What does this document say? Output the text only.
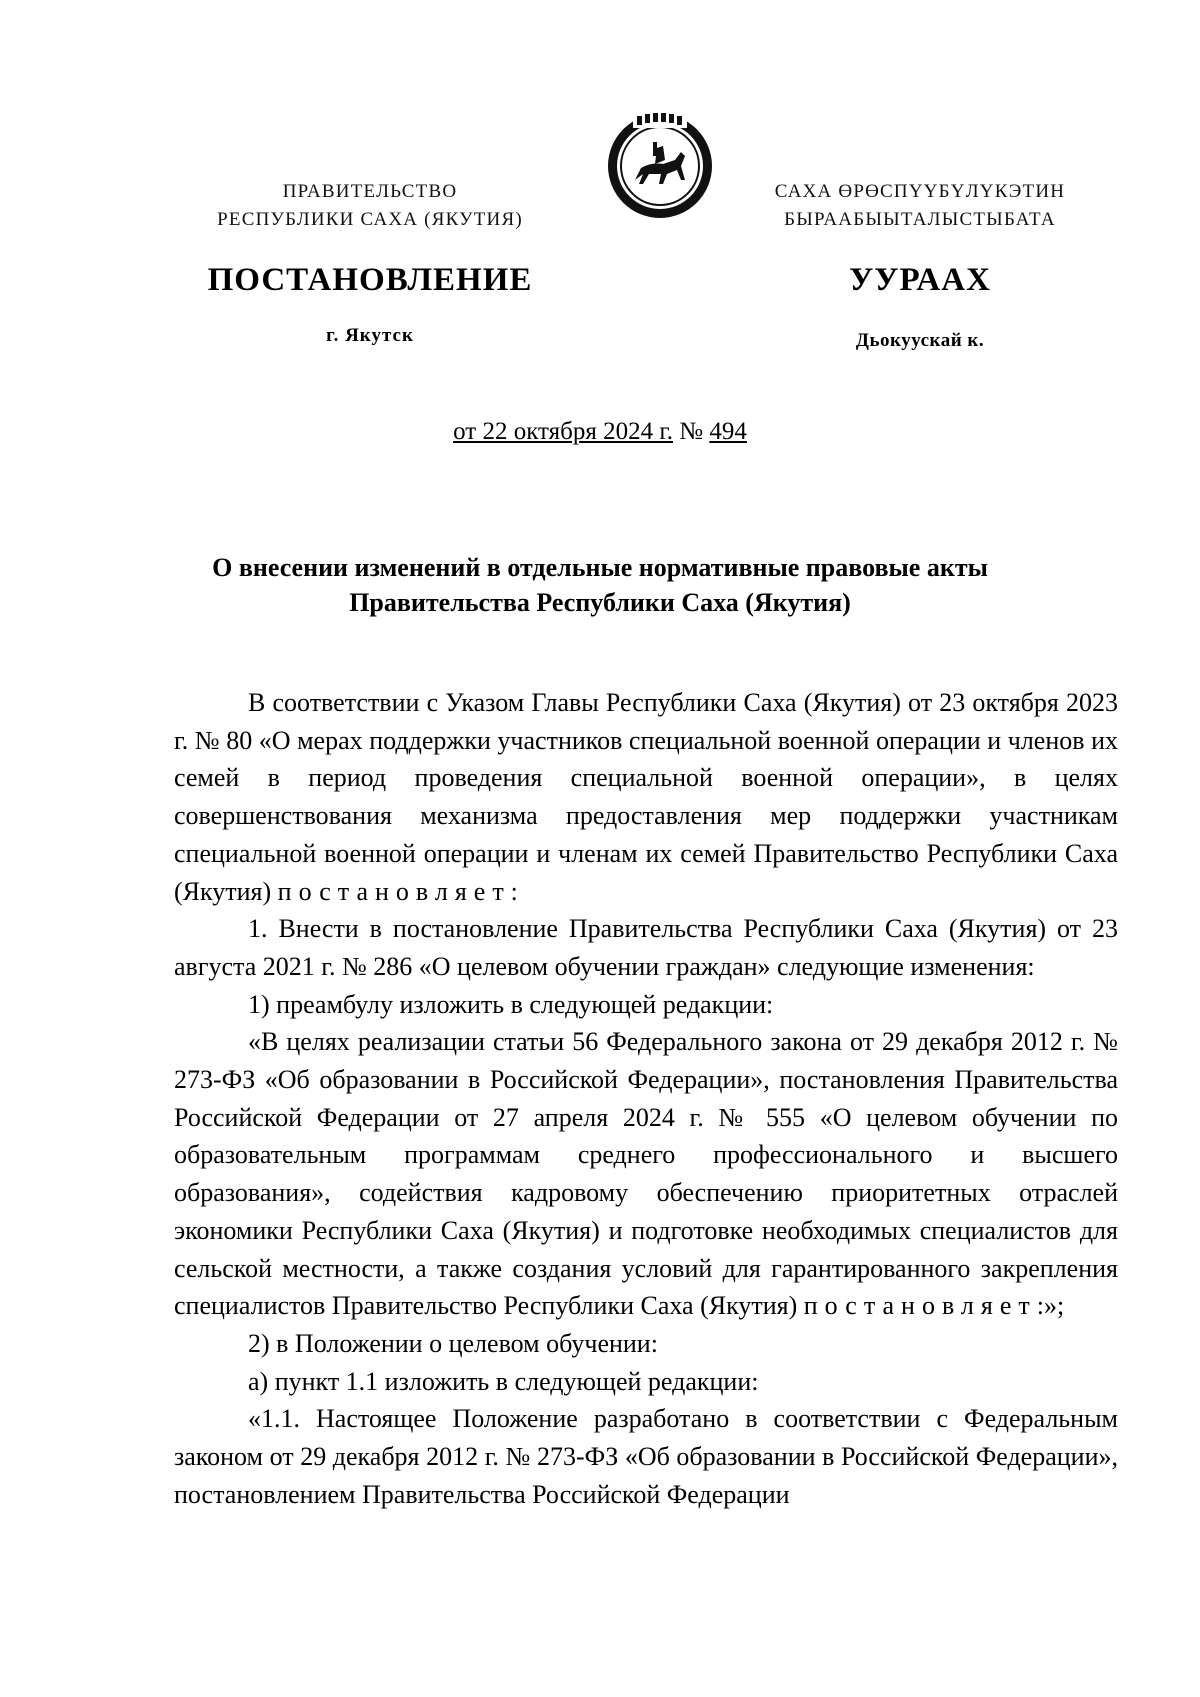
ПРАВИТЕЛЬСТВО
РЕСПУБЛИКИ САХА (ЯКУТИЯ)
САХА ӨРӨСПҮҮБҮЛҮКЭТИН
БЫРААБЫЫТАЛЫСТЫБАТА
ПОСТАНОВЛЕНИЕ	УУРААХ
г. Якутск	Дьокуускай к.
от 22 октября 2024 г. № 494
О внесении изменений в отдельные нормативные правовые акты
Правительства Республики Саха (Якутия)

В соответствии с Указом Главы Республики Саха (Якутия) от 23 октября 2023 г. № 80 «О мерах поддержки участников специальной военной операции и членов их семей в период проведения специальной военной операции», в целях совершенствования механизма предоставления мер поддержки участникам специальной военной операции и членам их семей Правительство Республики Саха (Якутия) постановляет:

1. Внести в постановление Правительства Республики Саха (Якутия) от 23 августа 2021 г. № 286 «О целевом обучении граждан» следующие изменения:

1) преамбулу изложить в следующей редакции:

«В целях реализации статьи 56 Федерального закона от 29 декабря 2012 г. № 273-ФЗ «Об образовании в Российской Федерации», постановления Правительства Российской Федерации от 27 апреля 2024 г. № 555 «О целевом обучении по образовательным программам среднего профессионального и высшего образования», содействия кадровому обеспечению приоритетных отраслей экономики Республики Саха (Якутия) и подготовке необходимых специалистов для сельской местности, а также создания условий для гарантированного закрепления специалистов Правительство Республики Саха (Якутия) постановляет:»;

2) в Положении о целевом обучении:

а) пункт 1.1 изложить в следующей редакции:

«1.1. Настоящее Положение разработано в соответствии с Федеральным законом от 29 декабря 2012 г. № 273-ФЗ «Об образовании в Российской Федерации», постановлением Правительства Российской Федерации
